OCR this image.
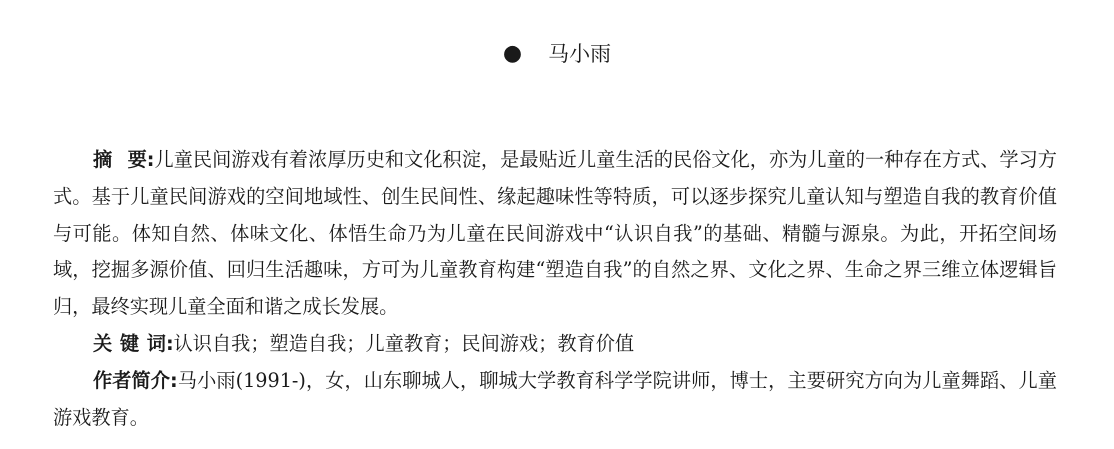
● 马小雨

摘要:儿童民间游戏有着浓厚历史和文化积淀，是最贴近儿童生活的民俗文化，亦为儿童的一种存在方式、学习方式。基于儿童民间游戏的空间地域性、创生民间性、缘起趣味性等特质，可以逐步探究儿童认知与塑造自我的教育价值与可能。体知自然、体味文化、体悟生命乃为儿童在民间游戏中“认识自我”的基础、精髓与源泉。为此，开拓空间场域，挖掘多源价值、回归生活趣味，方可为儿童教育构建“塑造自我”的自然之界、文化之界、生命之界三维立体逻辑旨归，最终实现儿童全面和谐之成长发展。

关键词:认识自我；塑造自我；儿童教育；民间游戏；教育价值

作者简介:马小雨(1991-)，女，山东聊城人，聊城大学教育科学学院讲师，博士，主要研究方向为儿童舞蹈、儿童游戏教育。
